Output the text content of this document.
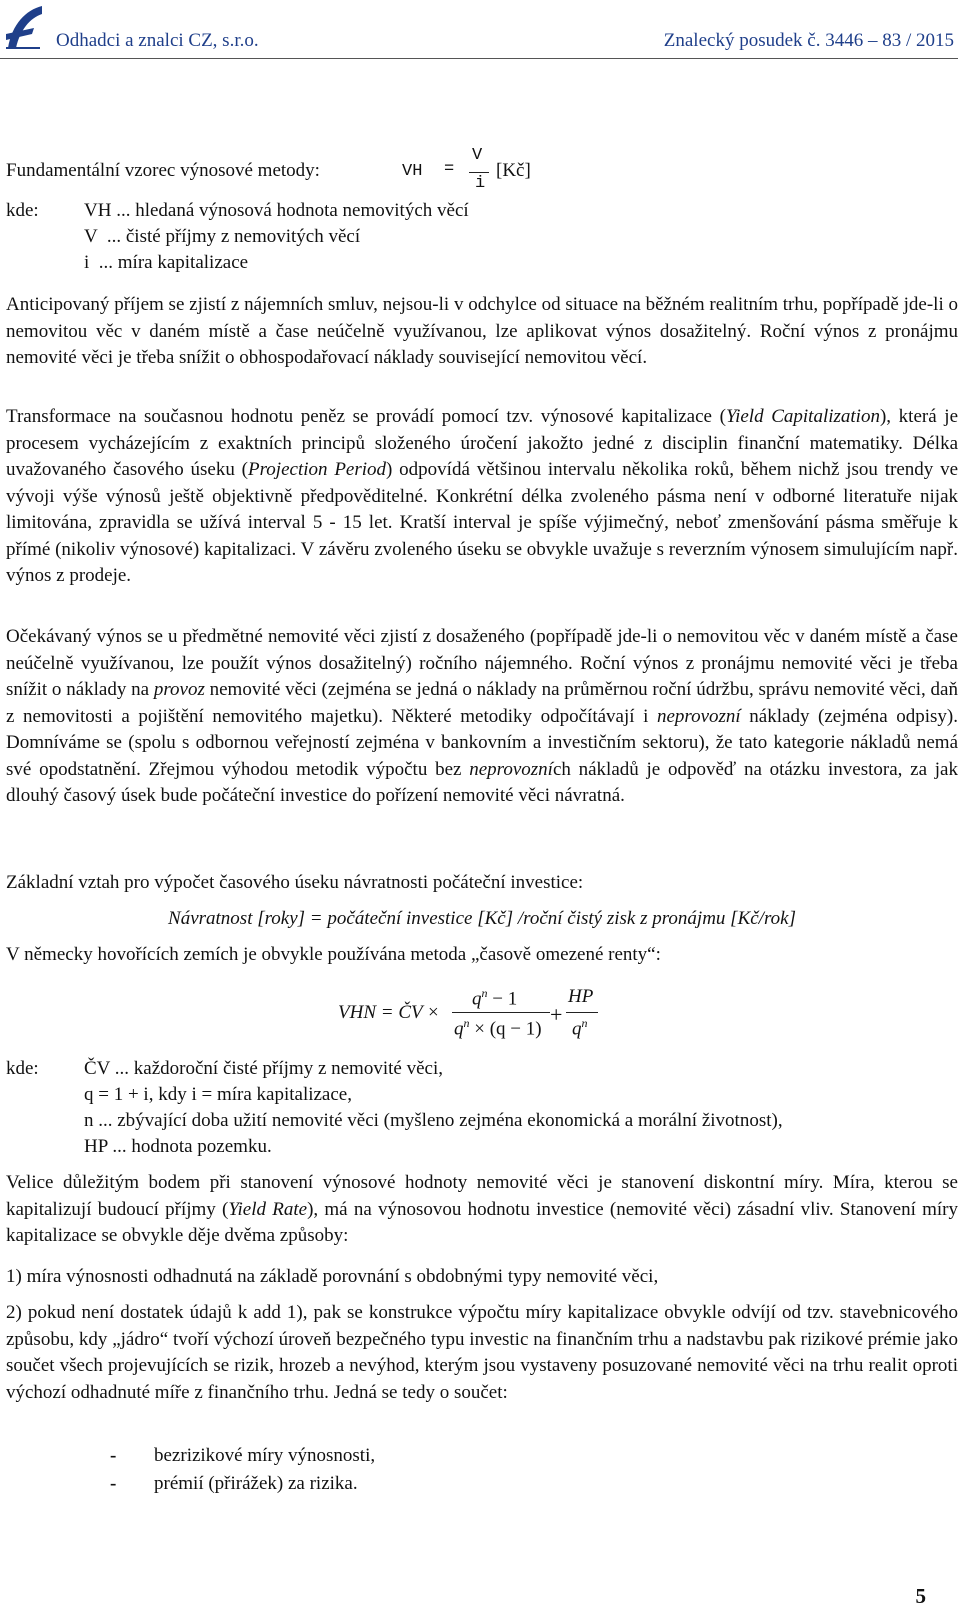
Odhadci a znalci CZ, s.r.o.	Znalecký posudek č. 3446 – 83 / 2015
Fundamentální vzorec výnosové metody:	VH =
V
i
[Kč]
kde: VH ... hledaná výnosová hodnota nemovitých věcí
V  ... čisté příjmy z nemovitých věcí
i  ... míra kapitalizace

Anticipovaný příjem se zjistí z nájemních smluv, nejsou-li v odchylce od situace na běžném realitním trhu, popřípadě jde-li o nemovitou věc v daném místě a čase neúčelně využívanou, lze aplikovat výnos dosažitelný. Roční výnos z pronájmu nemovité věci je třeba snížit o obhospodařovací náklady související nemovitou věcí.

Transformace na současnou hodnotu peněz se provádí pomocí tzv. výnosové kapitalizace (Yield Capitalization), která je procesem vycházejícím z exaktních principů složeného úročení jakožto jedné z disciplin finanční matematiky. Délka uvažovaného časového úseku (Projection Period) odpovídá většinou intervalu několika roků, během nichž jsou trendy ve vývoji výše výnosů ještě objektivně předpověditelné. Konkrétní délka zvoleného pásma není v odborné literatuře nijak limitována, zpravidla se užívá interval 5 - 15 let. Kratší interval je spíše výjimečný, neboť zmenšování pásma směřuje k přímé (nikoliv výnosové) kapitalizaci. V závěru zvoleného úseku se obvykle uvažuje s reverzním výnosem simulujícím např. výnos z prodeje.

Očekávaný výnos se u předmětné nemovité věci zjistí z dosaženého (popřípadě jde-li o nemovitou věc v daném místě a čase neúčelně využívanou, lze použít výnos dosažitelný) ročního nájemného. Roční výnos z pronájmu nemovité věci je třeba snížit o náklady na provoz nemovité věci (zejména se jedná o náklady na průměrnou roční údržbu, správu nemovité věci, daň z nemovitosti a pojištění nemovitého majetku). Některé metodiky odpočítávají i neprovozní náklady (zejména odpisy). Domníváme se (spolu s odbornou veřejností zejména v bankovním a investičním sektoru), že tato kategorie nákladů nemá své opodstatnění. Zřejmou výhodou metodik výpočtu bez neprovozních nákladů je odpověď na otázku investora, za jak dlouhý časový úsek bude počáteční investice do pořízení nemovité věci návratná.

Základní vztah pro výpočet časového úseku návratnosti počáteční investice:

Návratnost [roky] = počáteční investice [Kč] /roční čistý zisk z pronájmu [Kč/rok]

V německy hovořících zemích je obvykle používána metoda „časově omezené renty“:

VHN = ČV ×
$q^n - 1$
$q^n \times (q - 1)$
+
HP
$q^n$
kde: ČV ... každoroční čisté příjmy z nemovité věci,
q = 1 + i, kdy i = míra kapitalizace,
n ... zbývající doba užití nemovité věci (myšleno zejména ekonomická a morální životnost),
HP ... hodnota pozemku.

Velice důležitým bodem při stanovení výnosové hodnoty nemovité věci je stanovení diskontní míry. Míra, kterou se kapitalizují budoucí příjmy (Yield Rate), má na výnosovou hodnotu investice (nemovité věci) zásadní vliv. Stanovení míry kapitalizace se obvykle děje dvěma způsoby:

1) míra výnosnosti odhadnutá na základě porovnání s obdobnými typy nemovité věci,

2) pokud není dostatek údajů k add 1), pak se konstrukce výpočtu míry kapitalizace obvykle odvíjí od tzv. stavebnicového způsobu, kdy „jádro“ tvoří výchozí úroveň bezpečného typu investic na finančním trhu a nadstavbu pak rizikové prémie jako součet všech projevujících se rizik, hrozeb a nevýhod, kterým jsou vystaveny posuzované nemovité věci na trhu realit oproti výchozí odhadnuté míře z finančního trhu. Jedná se tedy o součet:

- bezrizikové míry výnosnosti,
- prémií (přirážek) za rizika.
5
